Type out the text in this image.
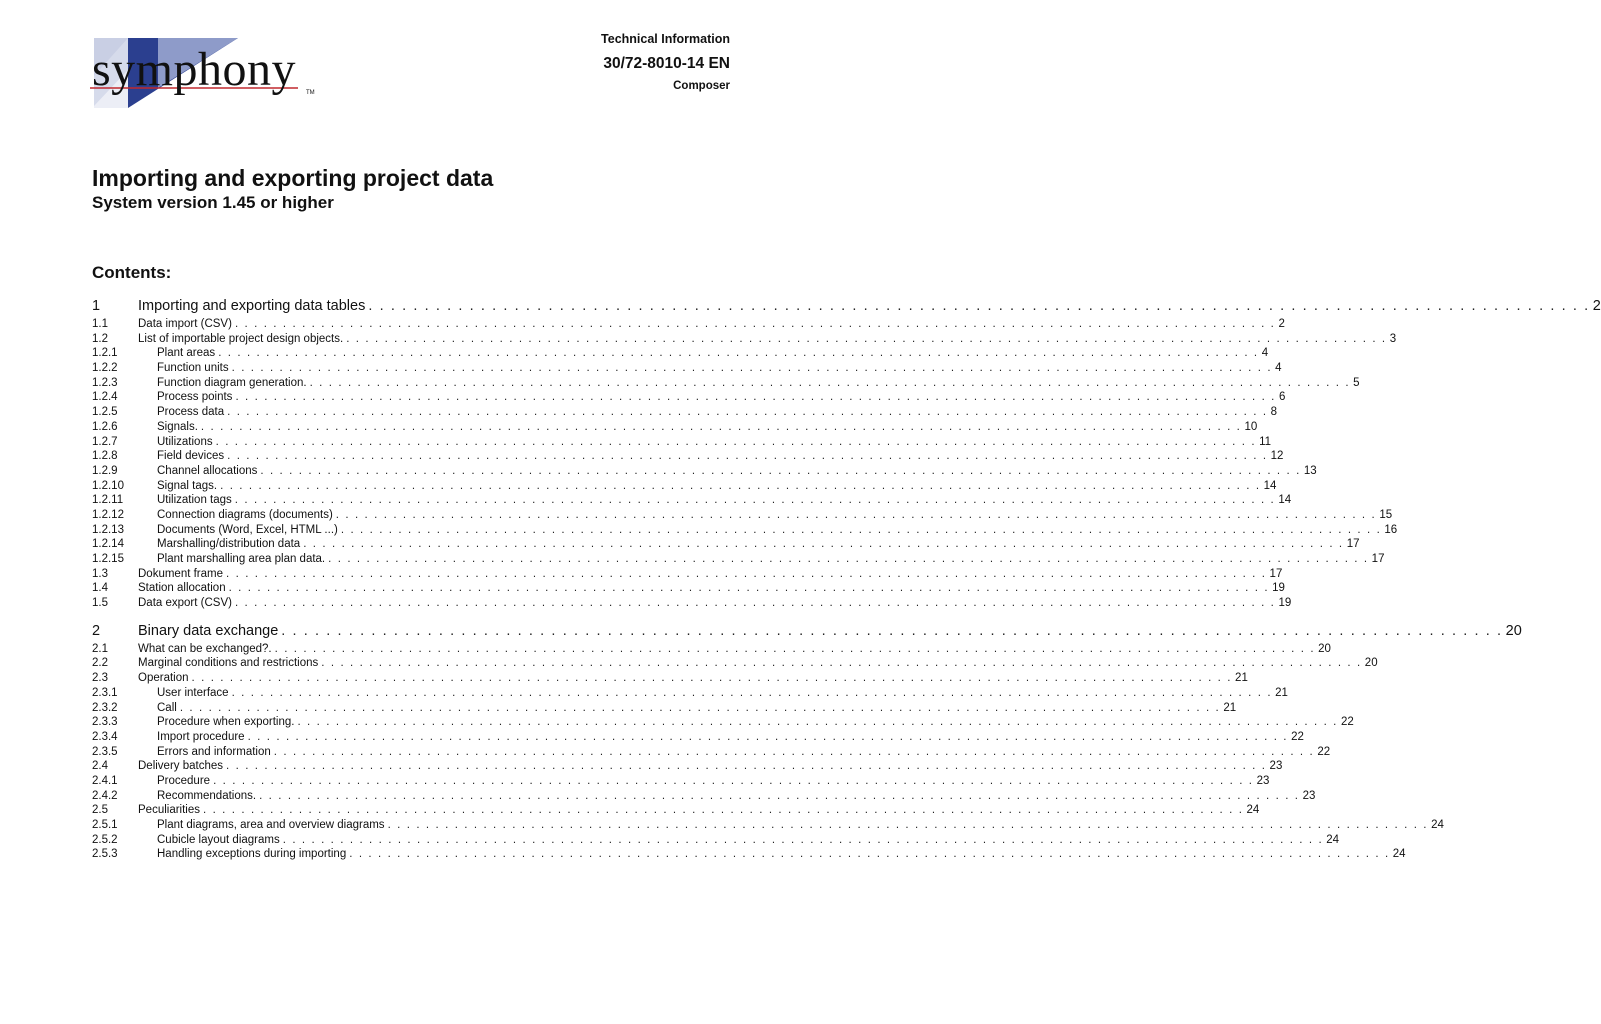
symphony TM
Technical Information
30/72-8010-14 EN
Composer
Importing and exporting project data
System version 1.45 or higher
Contents:
1	Importing and exporting data tables . . . . . . . . . . . . . . . . . . . . . . . . . . . . . . . . . . . . . . . . . . . . . . . . . . . . . . . . . . . . . . . . . . . . . . . . . . . . . . . . . . . . . . . . . . . . . . . . . . . . . . . . . . . . . 2
1.1	Data import (CSV) . . . . . . . . . . . . . . . . . . . . . . . . . . . . . . . . . . . . . . . . . . . . . . . . . . . . . . . . . . . . . . . . . . . . . . . . . . . . . . . . . . . . . . . . . . . . . . . . . . . . . . . . . . . . . 2
1.2	List of importable project design objects. . . . . . . . . . . . . . . . . . . . . . . . . . . . . . . . . . . . . . . . . . . . . . . . . . . . . . . . . . . . . . . . . . . . . . . . . . . . . . . . . . . . . . . . . . . . . . . . . . . . . . . . . . . . . . 3
1.2.1	Plant areas . . . . . . . . . . . . . . . . . . . . . . . . . . . . . . . . . . . . . . . . . . . . . . . . . . . . . . . . . . . . . . . . . . . . . . . . . . . . . . . . . . . . . . . . . . . . . . . . . . . . . . . . . . . . . 4
1.2.2	Function units . . . . . . . . . . . . . . . . . . . . . . . . . . . . . . . . . . . . . . . . . . . . . . . . . . . . . . . . . . . . . . . . . . . . . . . . . . . . . . . . . . . . . . . . . . . . . . . . . . . . . . . . . . . . . 4
1.2.3	Function diagram generation. . . . . . . . . . . . . . . . . . . . . . . . . . . . . . . . . . . . . . . . . . . . . . . . . . . . . . . . . . . . . . . . . . . . . . . . . . . . . . . . . . . . . . . . . . . . . . . . . . . . . . . . . . . . . . 5
1.2.4	Process points . . . . . . . . . . . . . . . . . . . . . . . . . . . . . . . . . . . . . . . . . . . . . . . . . . . . . . . . . . . . . . . . . . . . . . . . . . . . . . . . . . . . . . . . . . . . . . . . . . . . . . . . . . . . . 6
1.2.5	Process data . . . . . . . . . . . . . . . . . . . . . . . . . . . . . . . . . . . . . . . . . . . . . . . . . . . . . . . . . . . . . . . . . . . . . . . . . . . . . . . . . . . . . . . . . . . . . . . . . . . . . . . . . . . . . 8
1.2.6	Signals. . . . . . . . . . . . . . . . . . . . . . . . . . . . . . . . . . . . . . . . . . . . . . . . . . . . . . . . . . . . . . . . . . . . . . . . . . . . . . . . . . . . . . . . . . . . . . . . . . . . . . . . . . . . . . 10
1.2.7	Utilizations . . . . . . . . . . . . . . . . . . . . . . . . . . . . . . . . . . . . . . . . . . . . . . . . . . . . . . . . . . . . . . . . . . . . . . . . . . . . . . . . . . . . . . . . . . . . . . . . . . . . . . . . . . . . . 11
1.2.8	Field devices . . . . . . . . . . . . . . . . . . . . . . . . . . . . . . . . . . . . . . . . . . . . . . . . . . . . . . . . . . . . . . . . . . . . . . . . . . . . . . . . . . . . . . . . . . . . . . . . . . . . . . . . . . . . . 12
1.2.9	Channel allocations . . . . . . . . . . . . . . . . . . . . . . . . . . . . . . . . . . . . . . . . . . . . . . . . . . . . . . . . . . . . . . . . . . . . . . . . . . . . . . . . . . . . . . . . . . . . . . . . . . . . . . . . . . . . . 13
1.2.10	Signal tags. . . . . . . . . . . . . . . . . . . . . . . . . . . . . . . . . . . . . . . . . . . . . . . . . . . . . . . . . . . . . . . . . . . . . . . . . . . . . . . . . . . . . . . . . . . . . . . . . . . . . . . . . . . . . . 14
1.2.11	Utilization tags . . . . . . . . . . . . . . . . . . . . . . . . . . . . . . . . . . . . . . . . . . . . . . . . . . . . . . . . . . . . . . . . . . . . . . . . . . . . . . . . . . . . . . . . . . . . . . . . . . . . . . . . . . . . . 14
1.2.12	Connection diagrams (documents) . . . . . . . . . . . . . . . . . . . . . . . . . . . . . . . . . . . . . . . . . . . . . . . . . . . . . . . . . . . . . . . . . . . . . . . . . . . . . . . . . . . . . . . . . . . . . . . . . . . . . . . . . . . . . 15
1.2.13	Documents (Word, Excel, HTML ...) . . . . . . . . . . . . . . . . . . . . . . . . . . . . . . . . . . . . . . . . . . . . . . . . . . . . . . . . . . . . . . . . . . . . . . . . . . . . . . . . . . . . . . . . . . . . . . . . . . . . . . . . . . . . . 16
1.2.14	Marshalling/distribution data . . . . . . . . . . . . . . . . . . . . . . . . . . . . . . . . . . . . . . . . . . . . . . . . . . . . . . . . . . . . . . . . . . . . . . . . . . . . . . . . . . . . . . . . . . . . . . . . . . . . . . . . . . . . . 17
1.2.15	Plant marshalling area plan data. . . . . . . . . . . . . . . . . . . . . . . . . . . . . . . . . . . . . . . . . . . . . . . . . . . . . . . . . . . . . . . . . . . . . . . . . . . . . . . . . . . . . . . . . . . . . . . . . . . . . . . . . . . . . . 17
1.3	Dokument frame . . . . . . . . . . . . . . . . . . . . . . . . . . . . . . . . . . . . . . . . . . . . . . . . . . . . . . . . . . . . . . . . . . . . . . . . . . . . . . . . . . . . . . . . . . . . . . . . . . . . . . . . . . . . . 17
1.4	Station allocation . . . . . . . . . . . . . . . . . . . . . . . . . . . . . . . . . . . . . . . . . . . . . . . . . . . . . . . . . . . . . . . . . . . . . . . . . . . . . . . . . . . . . . . . . . . . . . . . . . . . . . . . . . . . . 19
1.5	Data export (CSV) . . . . . . . . . . . . . . . . . . . . . . . . . . . . . . . . . . . . . . . . . . . . . . . . . . . . . . . . . . . . . . . . . . . . . . . . . . . . . . . . . . . . . . . . . . . . . . . . . . . . . . . . . . . . . 19
2	Binary data exchange . . . . . . . . . . . . . . . . . . . . . . . . . . . . . . . . . . . . . . . . . . . . . . . . . . . . . . . . . . . . . . . . . . . . . . . . . . . . . . . . . . . . . . . . . . . . . . . . . . . . . . . . . . . . . 20
2.1	What can be exchanged?. . . . . . . . . . . . . . . . . . . . . . . . . . . . . . . . . . . . . . . . . . . . . . . . . . . . . . . . . . . . . . . . . . . . . . . . . . . . . . . . . . . . . . . . . . . . . . . . . . . . . . . . . . . . . . 20
2.2	Marginal conditions and restrictions . . . . . . . . . . . . . . . . . . . . . . . . . . . . . . . . . . . . . . . . . . . . . . . . . . . . . . . . . . . . . . . . . . . . . . . . . . . . . . . . . . . . . . . . . . . . . . . . . . . . . . . . . . . . . 20
2.3	Operation . . . . . . . . . . . . . . . . . . . . . . . . . . . . . . . . . . . . . . . . . . . . . . . . . . . . . . . . . . . . . . . . . . . . . . . . . . . . . . . . . . . . . . . . . . . . . . . . . . . . . . . . . . . . . 21
2.3.1	User interface . . . . . . . . . . . . . . . . . . . . . . . . . . . . . . . . . . . . . . . . . . . . . . . . . . . . . . . . . . . . . . . . . . . . . . . . . . . . . . . . . . . . . . . . . . . . . . . . . . . . . . . . . . . . . 21
2.3.2	Call . . . . . . . . . . . . . . . . . . . . . . . . . . . . . . . . . . . . . . . . . . . . . . . . . . . . . . . . . . . . . . . . . . . . . . . . . . . . . . . . . . . . . . . . . . . . . . . . . . . . . . . . . . . . . 21
2.3.3	Procedure when exporting. . . . . . . . . . . . . . . . . . . . . . . . . . . . . . . . . . . . . . . . . . . . . . . . . . . . . . . . . . . . . . . . . . . . . . . . . . . . . . . . . . . . . . . . . . . . . . . . . . . . . . . . . . . . . . 22
2.3.4	Import procedure . . . . . . . . . . . . . . . . . . . . . . . . . . . . . . . . . . . . . . . . . . . . . . . . . . . . . . . . . . . . . . . . . . . . . . . . . . . . . . . . . . . . . . . . . . . . . . . . . . . . . . . . . . . . . 22
2.3.5	Errors and information . . . . . . . . . . . . . . . . . . . . . . . . . . . . . . . . . . . . . . . . . . . . . . . . . . . . . . . . . . . . . . . . . . . . . . . . . . . . . . . . . . . . . . . . . . . . . . . . . . . . . . . . . . . . . 22
2.4	Delivery batches . . . . . . . . . . . . . . . . . . . . . . . . . . . . . . . . . . . . . . . . . . . . . . . . . . . . . . . . . . . . . . . . . . . . . . . . . . . . . . . . . . . . . . . . . . . . . . . . . . . . . . . . . . . . . 23
2.4.1	Procedure . . . . . . . . . . . . . . . . . . . . . . . . . . . . . . . . . . . . . . . . . . . . . . . . . . . . . . . . . . . . . . . . . . . . . . . . . . . . . . . . . . . . . . . . . . . . . . . . . . . . . . . . . . . . . 23
2.4.2	Recommendations. . . . . . . . . . . . . . . . . . . . . . . . . . . . . . . . . . . . . . . . . . . . . . . . . . . . . . . . . . . . . . . . . . . . . . . . . . . . . . . . . . . . . . . . . . . . . . . . . . . . . . . . . . . . . . 23
2.5	Peculiarities . . . . . . . . . . . . . . . . . . . . . . . . . . . . . . . . . . . . . . . . . . . . . . . . . . . . . . . . . . . . . . . . . . . . . . . . . . . . . . . . . . . . . . . . . . . . . . . . . . . . . . . . . . . . . 24
2.5.1	Plant diagrams, area and overview diagrams . . . . . . . . . . . . . . . . . . . . . . . . . . . . . . . . . . . . . . . . . . . . . . . . . . . . . . . . . . . . . . . . . . . . . . . . . . . . . . . . . . . . . . . . . . . . . . . . . . . . . . . . . . . . . 24
2.5.2	Cubicle layout diagrams . . . . . . . . . . . . . . . . . . . . . . . . . . . . . . . . . . . . . . . . . . . . . . . . . . . . . . . . . . . . . . . . . . . . . . . . . . . . . . . . . . . . . . . . . . . . . . . . . . . . . . . . . . . . . 24
2.5.3	Handling exceptions during importing . . . . . . . . . . . . . . . . . . . . . . . . . . . . . . . . . . . . . . . . . . . . . . . . . . . . . . . . . . . . . . . . . . . . . . . . . . . . . . . . . . . . . . . . . . . . . . . . . . . . . . . . . . . . . 24
